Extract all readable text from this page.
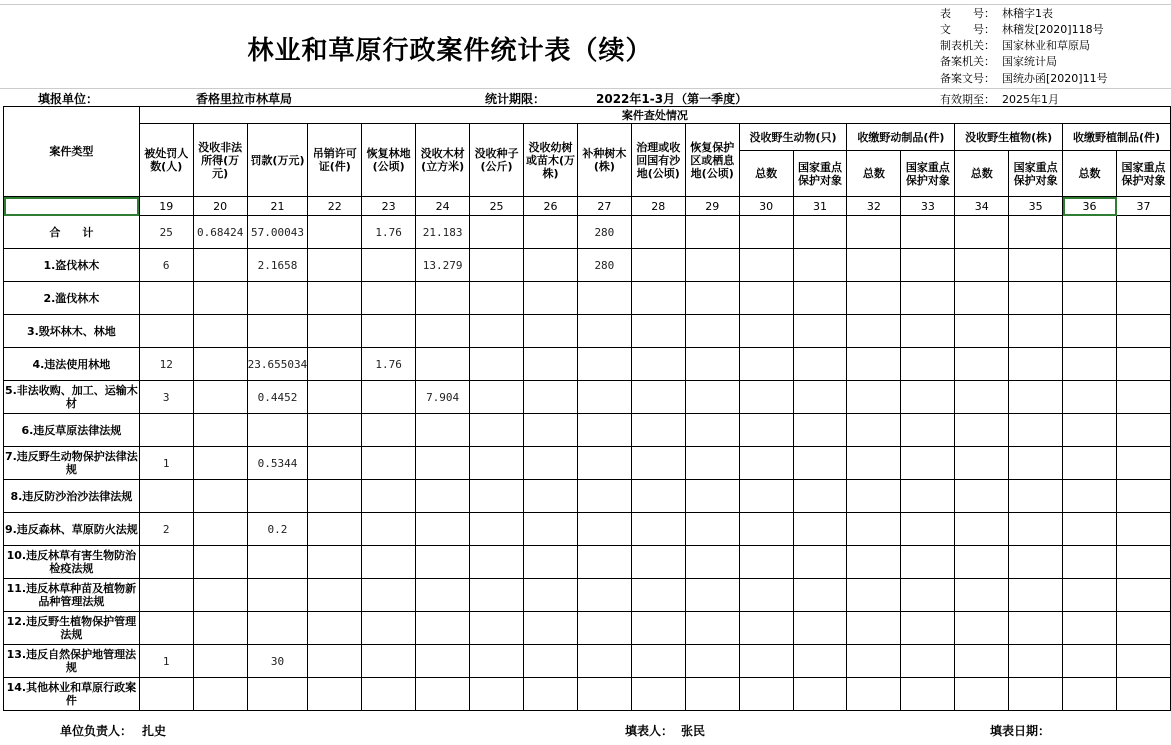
林业和草原行政案件统计表（续）
表　　号： 林稽字1表
文　　号： 林稽发[2020]118号
制表机关： 国家林业和草原局
备案机关： 国家统计局
备案文号： 国统办函[2020]11号
有效期至： 2025年1月
填报单位：	香格里拉市林草局	统计期限：	2022年1-3月（第一季度）
案件类型	案件查处情况																		
	被处罚人数(人)	没收非法所得(万元)	罚款(万元)	吊销许可证(件)	恢复林地(公顷)	没收木材(立方米)	没收种子(公斤)	没收幼树或苗木(万株)	补种树木(株)	治理或收回国有沙地(公顷)	恢复保护区或栖息地(公顷)	没收野生动物(只)		收缴野动制品(件)		没收野生植物(株)		收缴野植制品(件)	
												总数	国家重点保护对象	总数	国家重点保护对象	总数	国家重点保护对象	总数	国家重点保护对象
	19	20	21	22	23	24	25	26	27	28	29	30	31	32	33	34	35	36	37
合　　计	25	0.68424	57.00043		1.76	21.183			280										
1.盗伐林木	6		2.1658			13.279			280										
2.滥伐林木																			
3.毁坏林木、林地																			
4.违法使用林地	12		23.655034		1.76														
5.非法收购、加工、运输木材	3		0.4452			7.904													
6.违反草原法律法规																			
7.违反野生动物保护法律法规	1		0.5344																
8.违反防沙治沙法律法规																			
9.违反森林、草原防火法规	2		0.2																
10.违反林草有害生物防治检疫法规																			
11.违反林草种苗及植物新品种管理法规																			
12.违反野生植物保护管理法规																			
13.违反自然保护地管理法规	1		30																
14.其他林业和草原行政案件																			
单位负责人： 扎史	填表人： 张民	填表日期：
